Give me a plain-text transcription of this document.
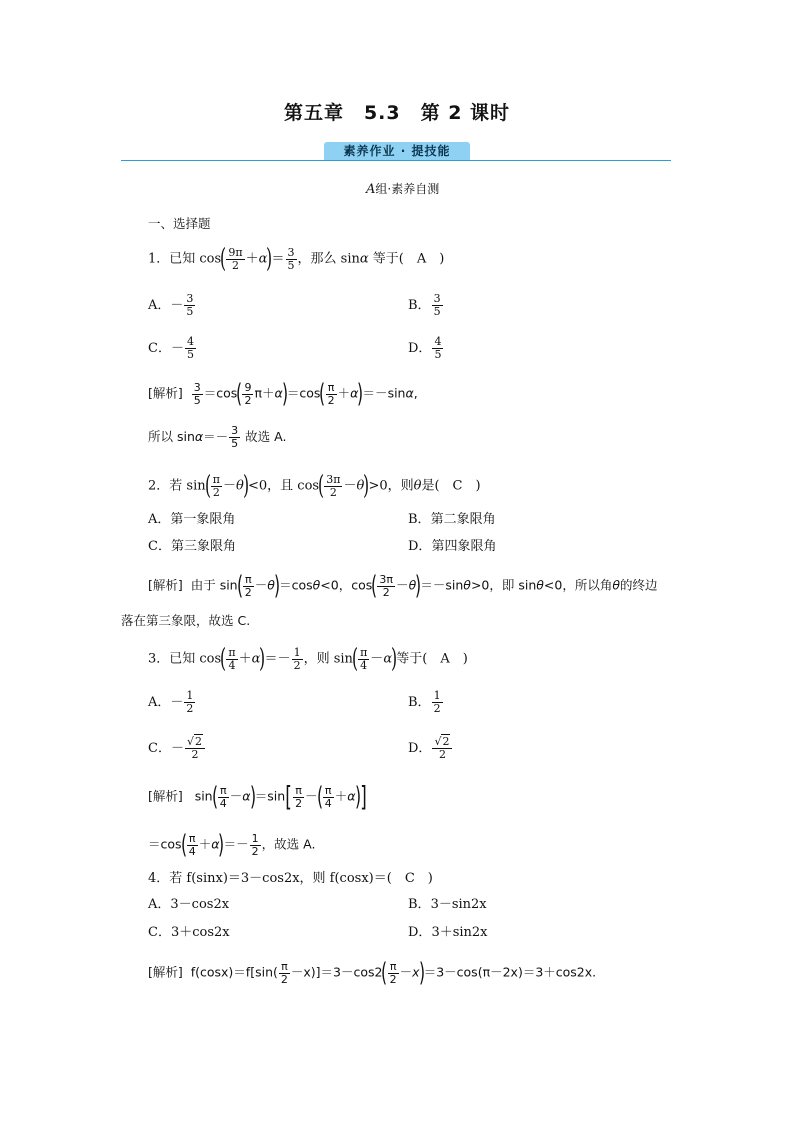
第五章　5.3　第 2 课时
素养作业 · 提技能
A组·素养自测
一、选择题
1．已知 $\cos( \frac{9\pi}{2} +\alpha)= \frac{3}{5}$ ，那么 sinα 等于(　A　)
A．－ $\frac{3}{5}$	B． $\frac{3}{5}$
C．－ $\frac{4}{5}$	D． $\frac{4}{5}$
[解析] $\frac{3}{5} =\cos( \frac{9}{2} \pi+\alpha)=\cos( \frac{\pi}{2} +\alpha)=-\sin\alpha$,
所以 $\sin\alpha=- \frac{3}{5}$ 故选 A.
2．若 $\sin( \frac{\pi}{2} -\theta)<0$，且 $\cos( \frac{3\pi}{2} -\theta)>0$，则θ是(　C　)
A．第一象限角	B．第二象限角
C．第三象限角	D．第四象限角
[解析] 由于 $\sin( \frac{\pi}{2} -\theta)=\cos\theta<0$，$\cos( \frac{3\pi}{2} -\theta)=-\sin\theta>0$，即 sinθ<0，所以角θ的终边
落在第三象限，故选 C.
3．已知 $\cos( \frac{\pi}{4} +\alpha)=- \frac{1}{2}$ ，则 $\sin( \frac{\pi}{4} -\alpha)$等于(　A　)
A．－ $\frac{1}{2}$	B． $\frac{1}{2}$
C．－ $\frac{√2}{2}$	D． $\frac{√2}{2}$
[解析] $\sin( \frac{\pi}{4} -\alpha)=\sin[ \frac{\pi}{2}$ －( $\frac{\pi}{4} +\alpha$)]
$=\cos( \frac{\pi}{4} +\alpha)=- \frac{1}{2}$ ，故选 A.
4．若 f(sinx)＝3－cos2x，则 f(cosx)＝(　C　)
A．3－cos2x	B．3－sin2x
C．3＋cos2x	D．3＋sin2x
[解析] $f(\cos x)=f[\sin( \frac{\pi}{2} -x)]=3-\cos 2( \frac{\pi}{2} -x)=3-\cos(\pi-2x)=3+\cos 2x$.
